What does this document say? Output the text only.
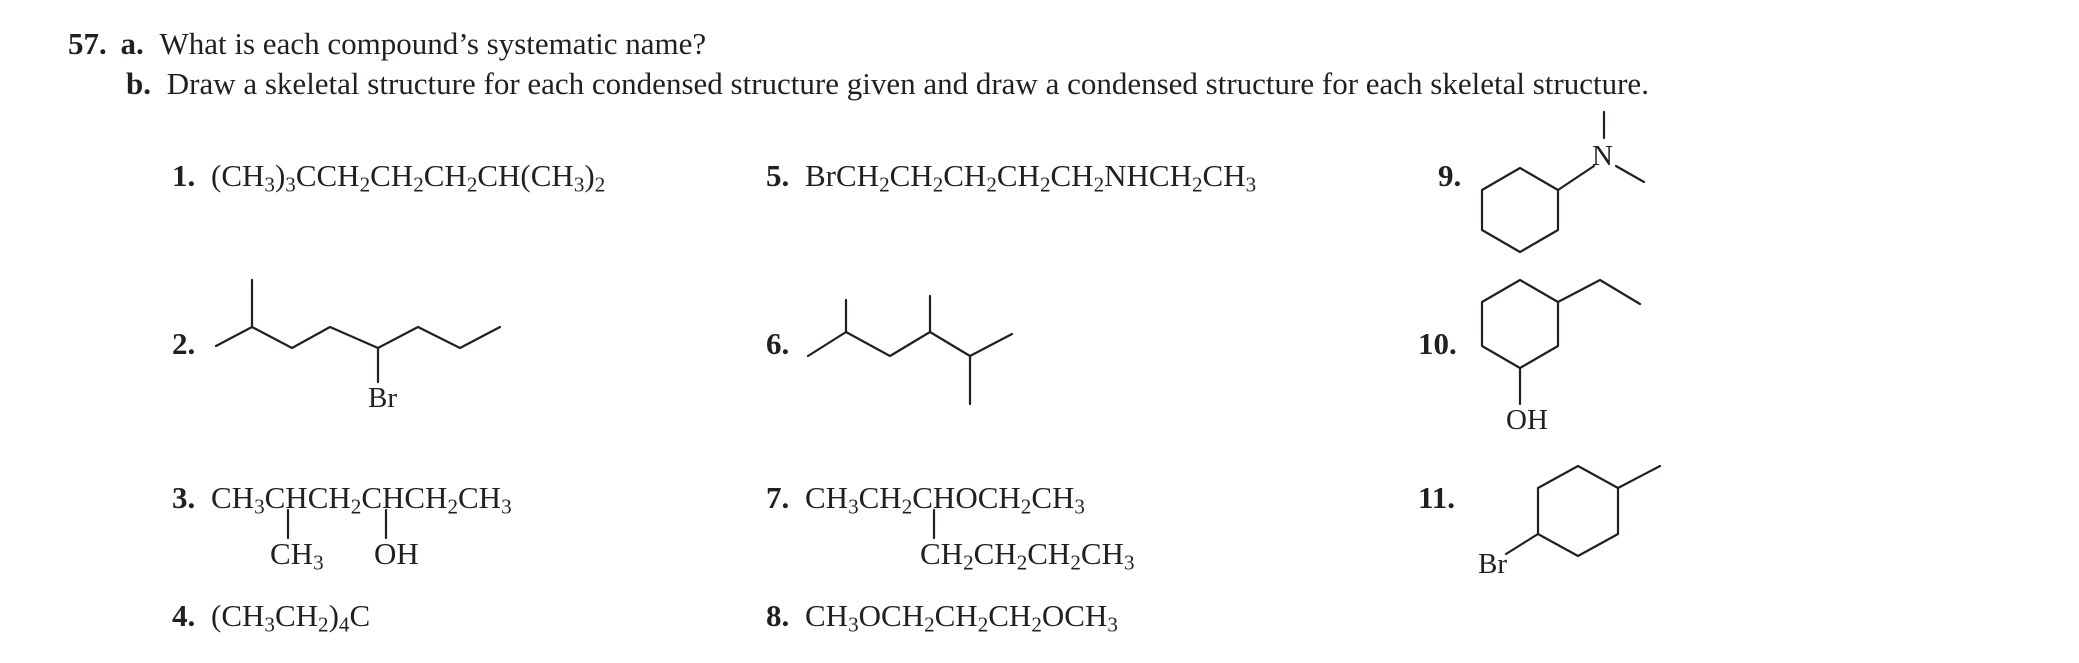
57. a. What is each compound’s systematic name?
b. Draw a skeletal structure for each condensed structure given and draw a condensed structure for each skeletal structure.
1. $(CH_3)_3CCH_2CH_2CH_2CH(CH_3)_2$	5. $BrCH_2CH_2CH_2CH_2CH_2NHCH_2CH_3$	9.
2.
Br
6.	10.
OH
3. $CH_3CHCH_2CHCH_2CH_3$
$CH_3$ OH
7. $CH_3CH_2CHOCH_2CH_3$
$CH_2CH_2CH_2CH_3$
11.
Br
4. $(CH_3CH_2)_4C$	8. $CH_3OCH_2CH_2CH_2OCH_3$
N
